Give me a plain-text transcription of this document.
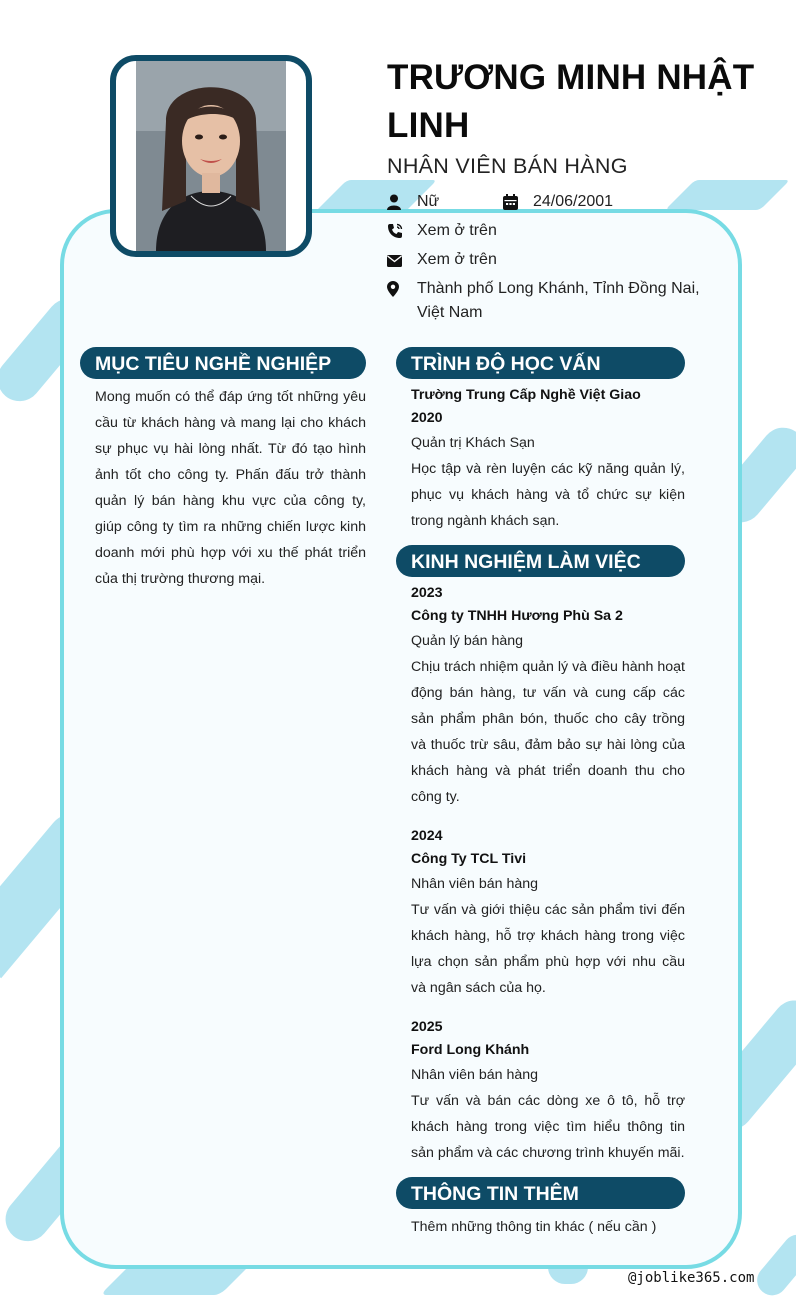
TRƯƠNG MINH NHẬT LINH
NHÂN VIÊN BÁN HÀNG
Nữ	24/06/2001
Xem ở trên
Xem ở trên
Thành phố Long Khánh, Tỉnh Đồng Nai,
Việt Nam
MỤC TIÊU NGHỀ NGHIỆP

Mong muốn có thể đáp ứng tốt những yêu cầu từ khách hàng và mang lại cho khách sự phục vụ hài lòng nhất. Từ đó tạo hình ảnh tốt cho công ty. Phấn đấu trở thành quản lý bán hàng khu vực của công ty, giúp công ty tìm ra những chiến lược kinh doanh mới phù hợp với xu thế phát triển của thị trường thương mại.

TRÌNH ĐỘ HỌC VẤN
Trường Trung Cấp Nghề Việt Giao
2020
Quản trị Khách Sạn

Học tập và rèn luyện các kỹ năng quản lý, phục vụ khách hàng và tổ chức sự kiện trong ngành khách sạn.

KINH NGHIỆM LÀM VIỆC
2023
Công ty TNHH Hương Phù Sa 2
Quản lý bán hàng

Chịu trách nhiệm quản lý và điều hành hoạt động bán hàng, tư vấn và cung cấp các sản phẩm phân bón, thuốc cho cây trồng và thuốc trừ sâu, đảm bảo sự hài lòng của khách hàng và phát triển doanh thu cho công ty.

2024
Công Ty TCL Tivi
Nhân viên bán hàng

Tư vấn và giới thiệu các sản phẩm tivi đến khách hàng, hỗ trợ khách hàng trong việc lựa chọn sản phẩm phù hợp với nhu cầu và ngân sách của họ.

2025
Ford Long Khánh
Nhân viên bán hàng

Tư vấn và bán các dòng xe ô tô, hỗ trợ khách hàng trong việc tìm hiểu thông tin sản phẩm và các chương trình khuyến mãi.

THÔNG TIN THÊM
Thêm những thông tin khác ( nếu cần )
@joblike365.com
